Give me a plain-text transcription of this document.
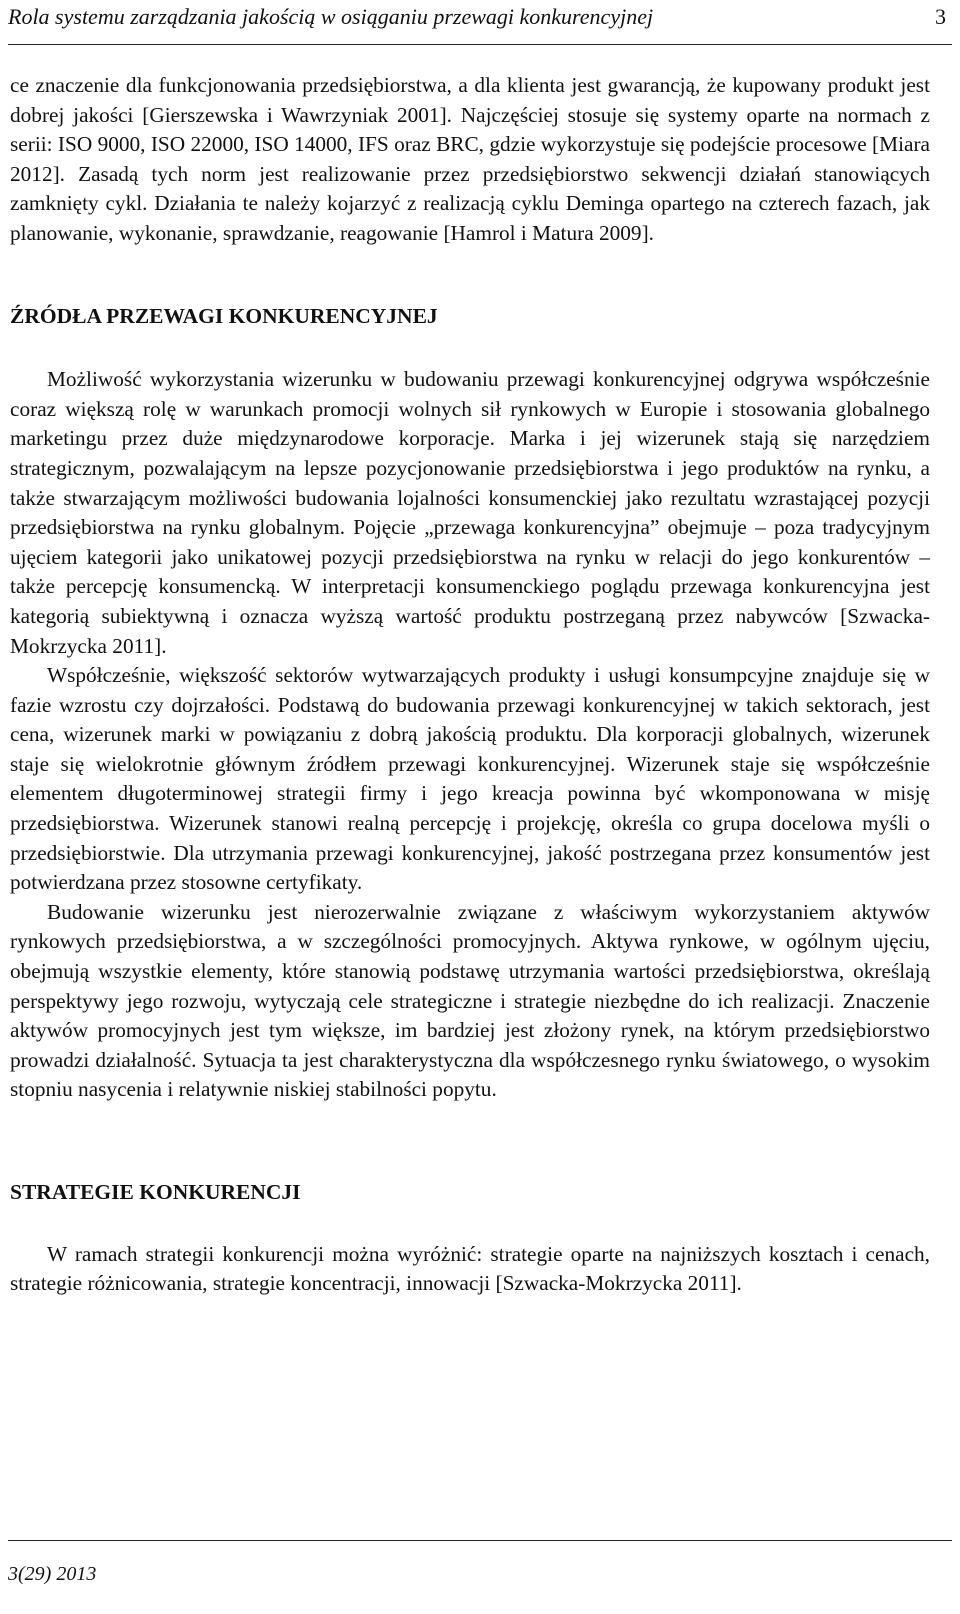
Rola systemu zarządzania jakością w osiąganiu przewagi konkurencyjnej	3

ce znaczenie dla funkcjonowania przedsiębiorstwa, a dla klienta jest gwarancją, że kupowany produkt jest dobrej jakości [Gierszewska i Wawrzyniak 2001]. Najczęściej stosuje się systemy oparte na normach z serii: ISO 9000, ISO 22000, ISO 14000, IFS oraz BRC, gdzie wykorzystuje się podejście procesowe [Miara 2012]. Zasadą tych norm jest realizowanie przez przedsiębiorstwo sekwencji działań stanowiących zamknięty cykl. Działania te należy kojarzyć z realizacją cyklu Deminga opartego na czterech fazach, jak planowanie, wykonanie, sprawdzanie, reagowanie [Hamrol i Matura 2009].

ŹRÓDŁA PRZEWAGI KONKURENCYJNEJ

Możliwość wykorzystania wizerunku w budowaniu przewagi konkurencyjnej odgrywa współcześnie coraz większą rolę w warunkach promocji wolnych sił rynkowych w Europie i stosowania globalnego marketingu przez duże międzynarodowe korporacje. Marka i jej wizerunek stają się narzędziem strategicznym, pozwalającym na lepsze pozycjonowanie przedsiębiorstwa i jego produktów na rynku, a także stwarzającym możliwości budowania lojalności konsumenckiej jako rezultatu wzrastającej pozycji przedsiębiorstwa na rynku globalnym. Pojęcie „przewaga konkurencyjna” obejmuje – poza tradycyjnym ujęciem kategorii jako unikatowej pozycji przedsiębiorstwa na rynku w relacji do jego konkurentów – także percepcję konsumencką. W interpretacji konsumenckiego poglądu przewaga konkurencyjna jest kategorią subiektywną i oznacza wyższą wartość produktu postrzeganą przez nabywców [Szwacka-Mokrzycka 2011].

Współcześnie, większość sektorów wytwarzających produkty i usługi konsumpcyjne znajduje się w fazie wzrostu czy dojrzałości. Podstawą do budowania przewagi konkurencyjnej w takich sektorach, jest cena, wizerunek marki w powiązaniu z dobrą jakością produktu. Dla korporacji globalnych, wizerunek staje się wielokrotnie głównym źródłem przewagi konkurencyjnej. Wizerunek staje się współcześnie elementem długoterminowej strategii firmy i jego kreacja powinna być wkomponowana w misję przedsiębiorstwa. Wizerunek stanowi realną percepcję i projekcję, określa co grupa docelowa myśli o przedsiębiorstwie. Dla utrzymania przewagi konkurencyjnej, jakość postrzegana przez konsumentów jest potwierdzana przez stosowne certyfikaty.

Budowanie wizerunku jest nierozerwalnie związane z właściwym wykorzystaniem aktywów rynkowych przedsiębiorstwa, a w szczególności promocyjnych. Aktywa rynkowe, w ogólnym ujęciu, obejmują wszystkie elementy, które stanowią podstawę utrzymania wartości przedsiębiorstwa, określają perspektywy jego rozwoju, wytyczają cele strategiczne i strategie niezbędne do ich realizacji. Znaczenie aktywów promocyjnych jest tym większe, im bardziej jest złożony rynek, na którym przedsiębiorstwo prowadzi działalność. Sytuacja ta jest charakterystyczna dla współczesnego rynku światowego, o wysokim stopniu nasycenia i relatywnie niskiej stabilności popytu.

STRATEGIE KONKURENCJI

W ramach strategii konkurencji można wyróżnić: strategie oparte na najniższych kosztach i cenach, strategie różnicowania, strategie koncentracji, innowacji [Szwacka-Mokrzycka 2011].

3(29) 2013
